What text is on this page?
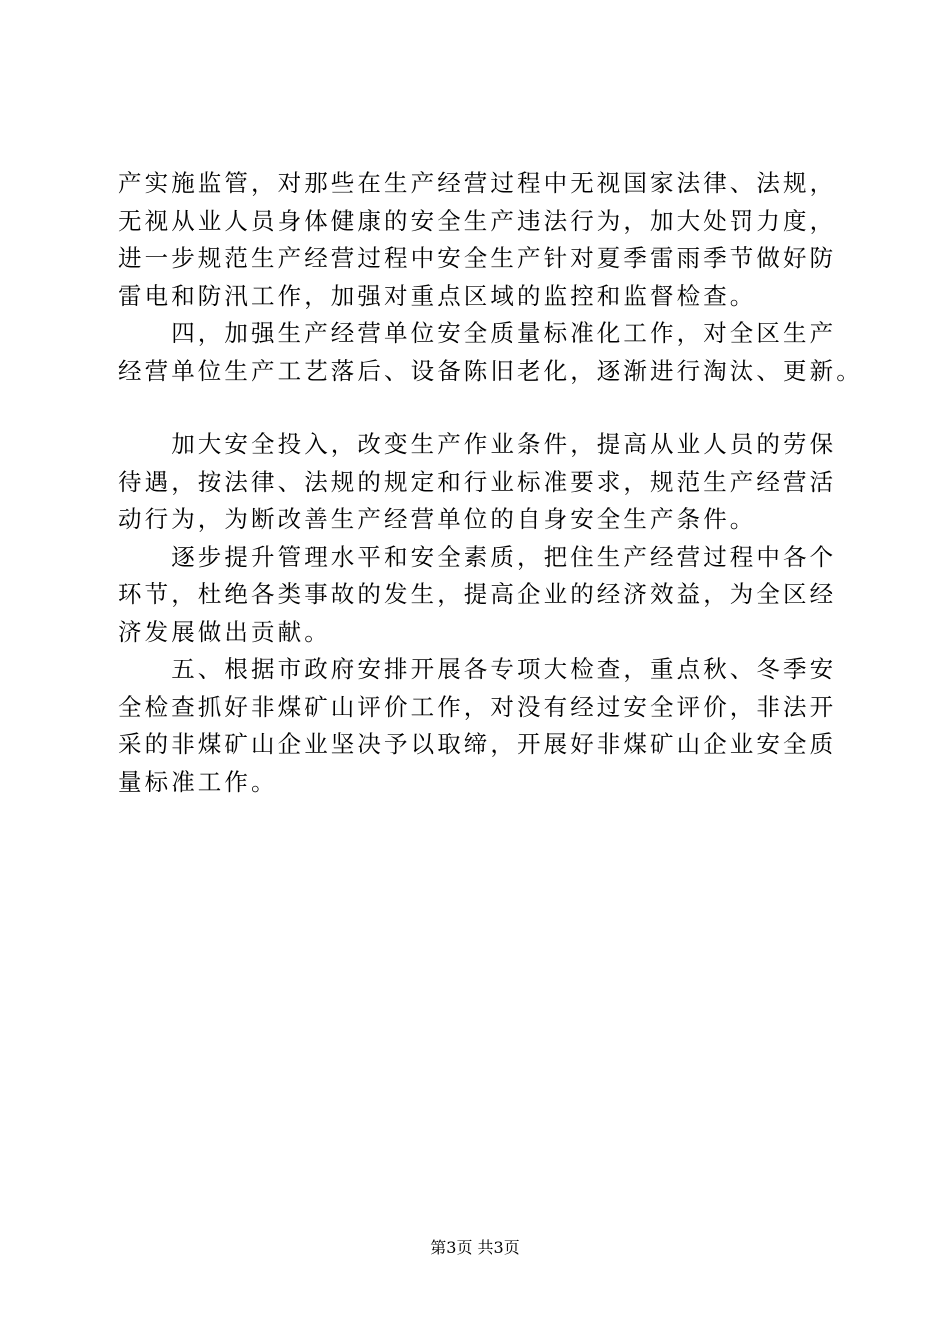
产实施监管，对那些在生产经营过程中无视国家法律、法规，
无视从业人员身体健康的安全生产违法行为，加大处罚力度，
进一步规范生产经营过程中安全生产针对夏季雷雨季节做好防
雷电和防汛工作，加强对重点区域的监控和监督检查。
　　四，加强生产经营单位安全质量标准化工作，对全区生产
经营单位生产工艺落后、设备陈旧老化，逐渐进行淘汰、更新。
　　加大安全投入，改变生产作业条件，提高从业人员的劳保
待遇，按法律、法规的规定和行业标准要求，规范生产经营活
动行为，为断改善生产经营单位的自身安全生产条件。
　　逐步提升管理水平和安全素质，把住生产经营过程中各个
环节，杜绝各类事故的发生，提高企业的经济效益，为全区经
济发展做出贡献。
　　五、根据市政府安排开展各专项大检查，重点秋、冬季安
全检查抓好非煤矿山评价工作，对没有经过安全评价，非法开
采的非煤矿山企业坚决予以取缔，开展好非煤矿山企业安全质
量标准工作。
第3页 共3页
